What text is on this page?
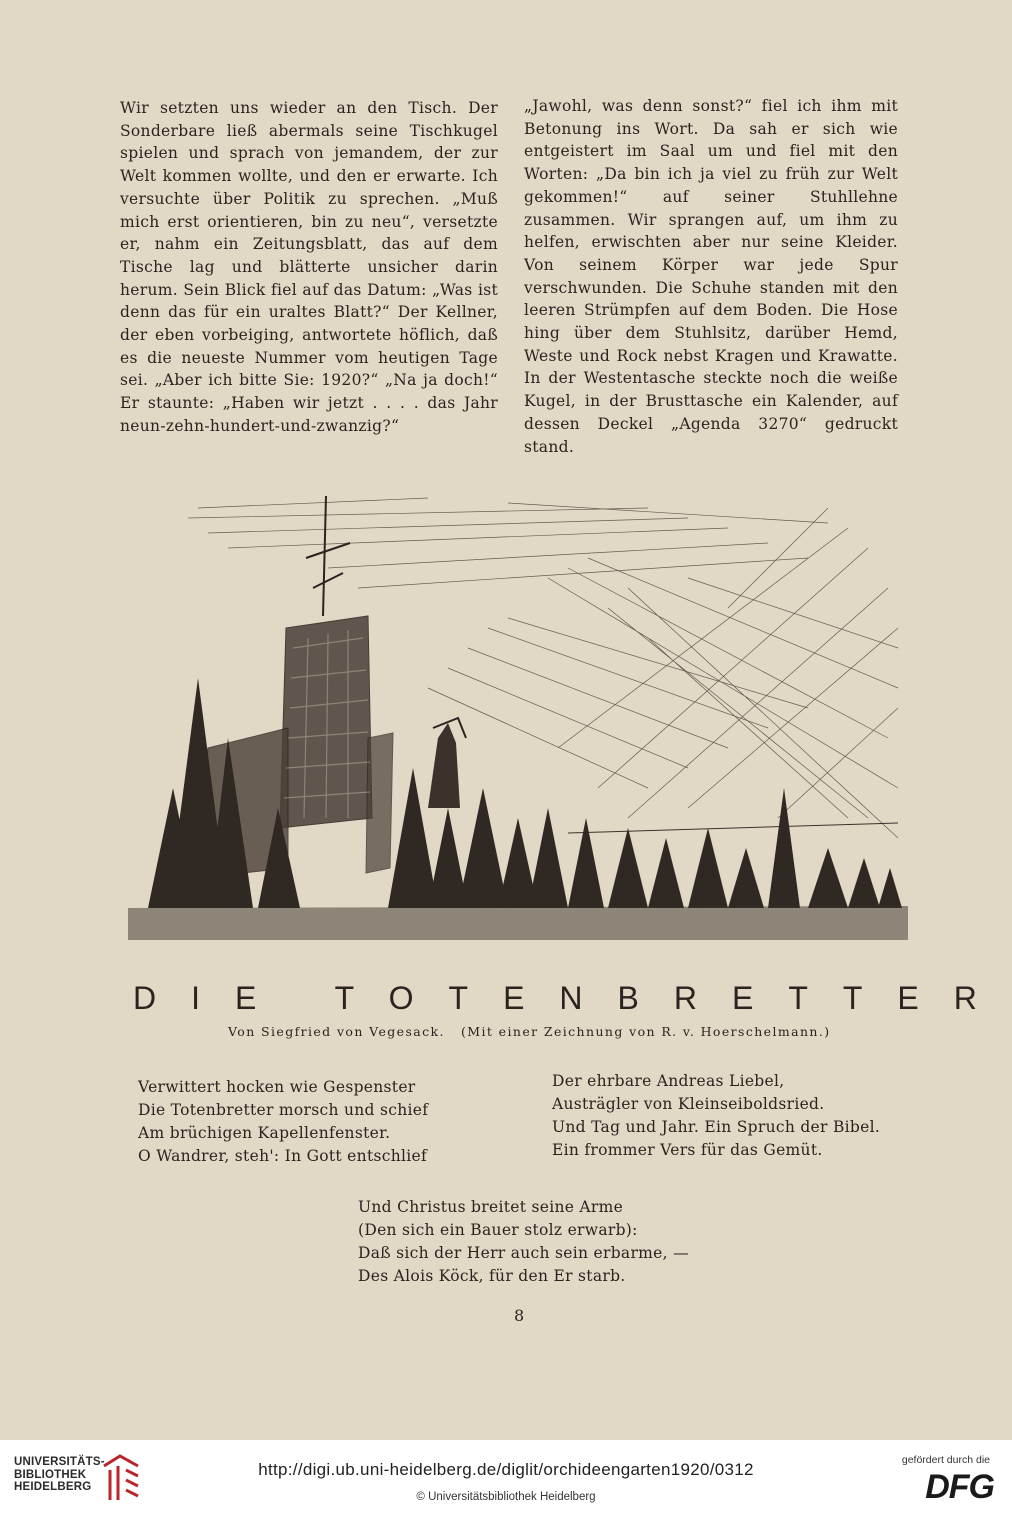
Wir setzten uns wieder an den Tisch. Der Sonderbare ließ abermals seine Tischkugel spielen und sprach von jemandem, der zur Welt kommen wollte, und den er erwarte. Ich versuchte über Politik zu sprechen. „Muß mich erst orientieren, bin zu neu“, versetzte er, nahm ein Zeitungsblatt, das auf dem Tische lag und blätterte unsicher darin herum. Sein Blick fiel auf das Datum: „Was ist denn das für ein uraltes Blatt?“ Der Kellner, der eben vorbeiging, antwortete höflich, daß es die neueste Nummer vom heutigen Tage sei. „Aber ich bitte Sie: 1920?“ „Na ja doch!“ Er staunte: „Haben wir jetzt . . . . das Jahr neun-zehn-hundert-und-zwanzig?“

„Jawohl, was denn sonst?“ fiel ich ihm mit Betonung ins Wort. Da sah er sich wie entgeistert im Saal um und fiel mit den Worten: „Da bin ich ja viel zu früh zur Welt gekommen!“ auf seiner Stuhllehne zusammen. Wir sprangen auf, um ihm zu helfen, erwischten aber nur seine Kleider. Von seinem Körper war jede Spur verschwunden. Die Schuhe standen mit den leeren Strümpfen auf dem Boden. Die Hose hing über dem Stuhlsitz, darüber Hemd, Weste und Rock nebst Kragen und Krawatte. In der Westentasche steckte noch die weiße Kugel, in der Brusttasche ein Kalender, auf dessen Deckel „Agenda 3270“ gedruckt stand.

DIE TOTENBRETTER
Von Siegfried von Vegesack. (Mit einer Zeichnung von R. v. Hoerschelmann.)
Verwittert hocken wie Gespenster
Die Totenbretter morsch und schief
Am brüchigen Kapellenfenster.
O Wandrer, steh': In Gott entschlief
Der ehrbare Andreas Liebel,
Austrägler von Kleinseiboldsried.
Und Tag und Jahr. Ein Spruch der Bibel.
Ein frommer Vers für das Gemüt.
Und Christus breitet seine Arme
(Den sich ein Bauer stolz erwarb):
Daß sich der Herr auch sein erbarme, —
Des Alois Köck, für den Er starb.
8
UNIVERSITÄTS-
BIBLIOTHEK
HEIDELBERG
http://digi.ub.uni-heidelberg.de/diglit/orchideengarten1920/0312
© Universitätsbibliothek Heidelberg
gefördert durch die
DFG
